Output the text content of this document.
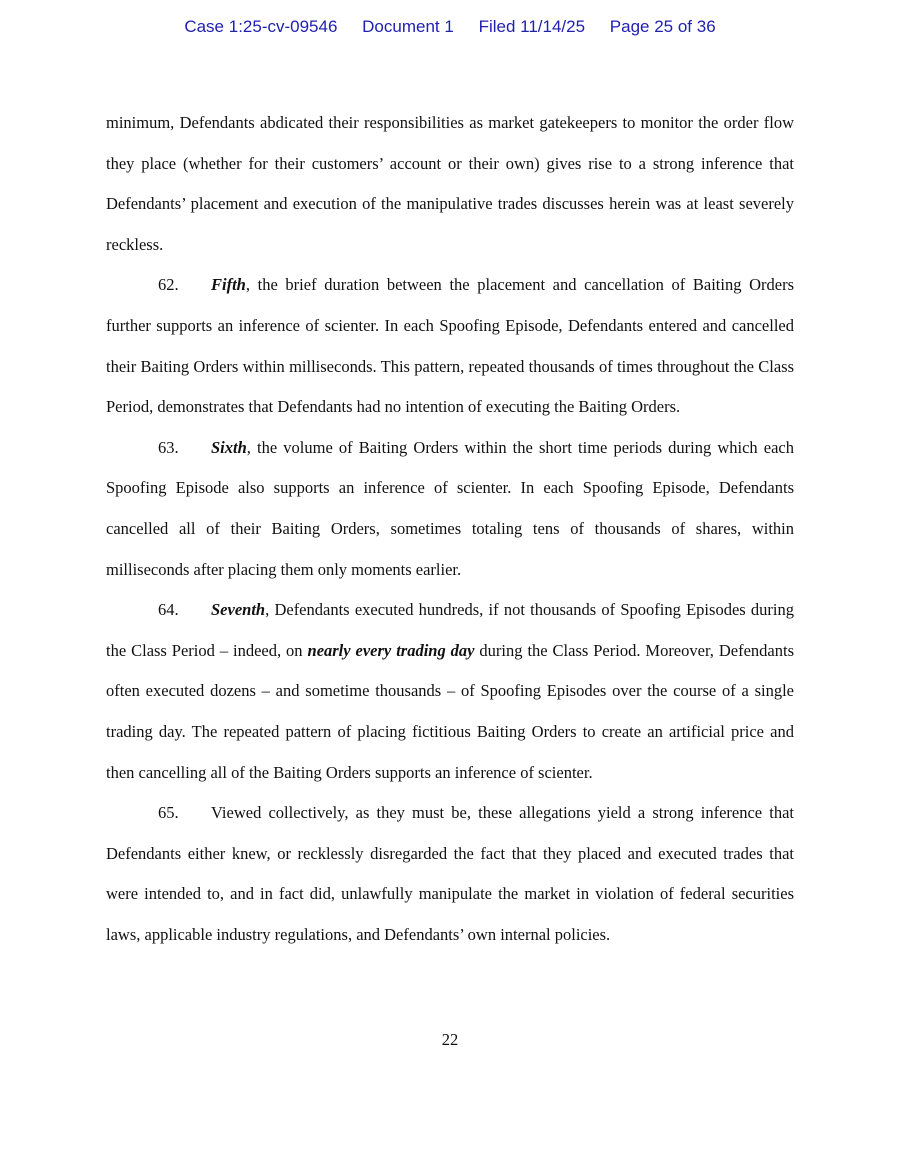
Case 1:25-cv-09546 Document 1 Filed 11/14/25 Page 25 of 36

minimum, Defendants abdicated their responsibilities as market gatekeepers to monitor the order flow they place (whether for their customers’ account or their own) gives rise to a strong inference that Defendants’ placement and execution of the manipulative trades discusses herein was at least severely reckless.

62. Fifth, the brief duration between the placement and cancellation of Baiting Orders further supports an inference of scienter. In each Spoofing Episode, Defendants entered and cancelled their Baiting Orders within milliseconds. This pattern, repeated thousands of times throughout the Class Period, demonstrates that Defendants had no intention of executing the Baiting Orders.

63. Sixth, the volume of Baiting Orders within the short time periods during which each Spoofing Episode also supports an inference of scienter. In each Spoofing Episode, Defendants cancelled all of their Baiting Orders, sometimes totaling tens of thousands of shares, within milliseconds after placing them only moments earlier.

64. Seventh, Defendants executed hundreds, if not thousands of Spoofing Episodes during the Class Period – indeed, on nearly every trading day during the Class Period. Moreover, Defendants often executed dozens – and sometime thousands – of Spoofing Episodes over the course of a single trading day. The repeated pattern of placing fictitious Baiting Orders to create an artificial price and then cancelling all of the Baiting Orders supports an inference of scienter.

65. Viewed collectively, as they must be, these allegations yield a strong inference that Defendants either knew, or recklessly disregarded the fact that they placed and executed trades that were intended to, and in fact did, unlawfully manipulate the market in violation of federal securities laws, applicable industry regulations, and Defendants’ own internal policies.

22
